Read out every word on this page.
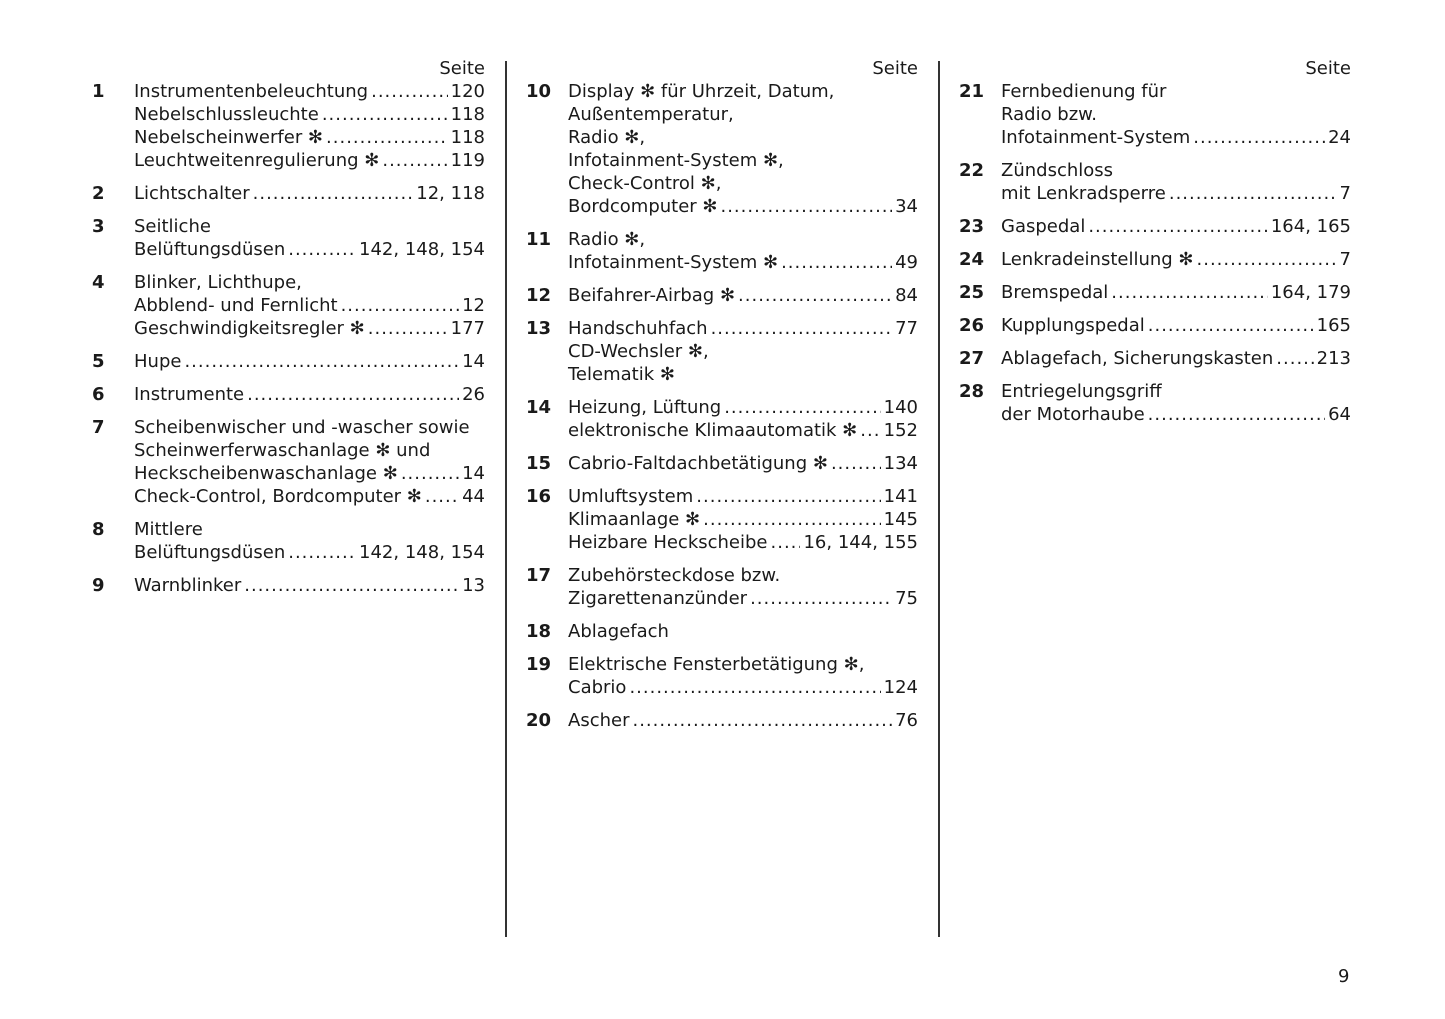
Seite
1	Instrumentenbeleuchtung .....	120
Nebelschlussleuchte .....	118
Nebelscheinwerfer ✻ .....	118
Leuchtweitenregulierung ✻ .....	119
2	Lichtschalter .....	12, 118
3	Seitliche
Belüftungsdüsen .....	142, 148, 154
4	Blinker, Lichthupe,
Abblend- und Fernlicht .....	12
Geschwindigkeitsregler ✻ .....	177
5	Hupe .....	14
6	Instrumente .....	26
7	Scheibenwischer und -wascher sowie
Scheinwerferwaschanlage ✻ und
Heckscheibenwaschanlage ✻ .....	14
Check-Control, Bordcomputer ✻ ..... 44
8	Mittlere
Belüftungsdüsen .....	142, 148, 154
9	Warnblinker .....	13
Seite
10 Display ✻ für Uhrzeit, Datum,
Außentemperatur,
Radio ✻,
Infotainment-System ✻,
Check-Control ✻,
Bordcomputer ✻ .....	34
11 Radio ✻,
Infotainment-System ✻ .....	49
12 Beifahrer-Airbag ✻ .....	84
13 Handschuhfach .....	77
CD-Wechsler ✻,
Telematik ✻
14 Heizung, Lüftung .....	140
elektronische Klimaautomatik ✻ ..... 152
15 Cabrio-Faltdachbetätigung ✻ .....	134
16 Umluftsystem .....	141
Klimaanlage ✻ .....	145
Heizbare Heckscheibe ..... 16, 144, 155
17 Zubehörsteckdose bzw.
Zigarettenanzünder .....	75
18 Ablagefach
19 Elektrische Fensterbetätigung ✻,
Cabrio .....	124
20 Ascher .....	76
Seite
21 Fernbedienung für
Radio bzw.
Infotainment-System .....	24
22 Zündschloss
mit Lenkradsperre .....	7
23 Gaspedal .....	164, 165
24 Lenkradeinstellung ✻ .....	7
25 Bremspedal .....	164, 179
26 Kupplungspedal .....	165
27 Ablagefach, Sicherungskasten ..... 213
28 Entriegelungsgriff
der Motorhaube .....	64
9
